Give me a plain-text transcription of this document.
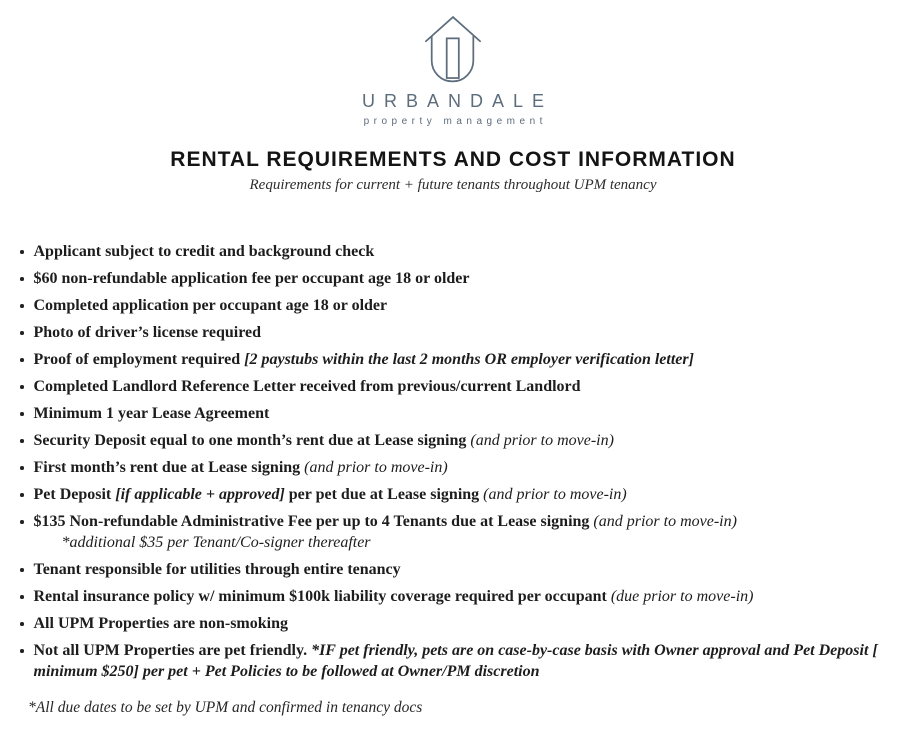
URBANDALE
property management
RENTAL REQUIREMENTS AND COST INFORMATION

Requirements for current + future tenants throughout UPM tenancy

Applicant subject to credit and background check
$60 non-refundable application fee per occupant age 18 or older
Completed application per occupant age 18 or older
Photo of driver’s license required
Proof of employment required [2 paystubs within the last 2 months OR employer verification letter]
Completed Landlord Reference Letter received from previous/current Landlord
Minimum 1 year Lease Agreement
Security Deposit equal to one month’s rent due at Lease signing (and prior to move-in)
First month’s rent due at Lease signing (and prior to move-in)
Pet Deposit [if applicable + approved] per pet due at Lease signing (and prior to move-in)
$135 Non-refundable Administrative Fee per up to 4 Tenants due at Lease signing (and prior to move-in)
*additional $35 per Tenant/Co-signer thereafter
Tenant responsible for utilities through entire tenancy
Rental insurance policy w/ minimum $100k liability coverage required per occupant (due prior to move-in)
All UPM Properties are non-smoking
Not all UPM Properties are pet friendly. *IF pet friendly, pets are on case-by-case basis with Owner approval and Pet Deposit [ minimum $250] per pet + Pet Policies to be followed at Owner/PM discretion

*All due dates to be set by UPM and confirmed in tenancy docs
